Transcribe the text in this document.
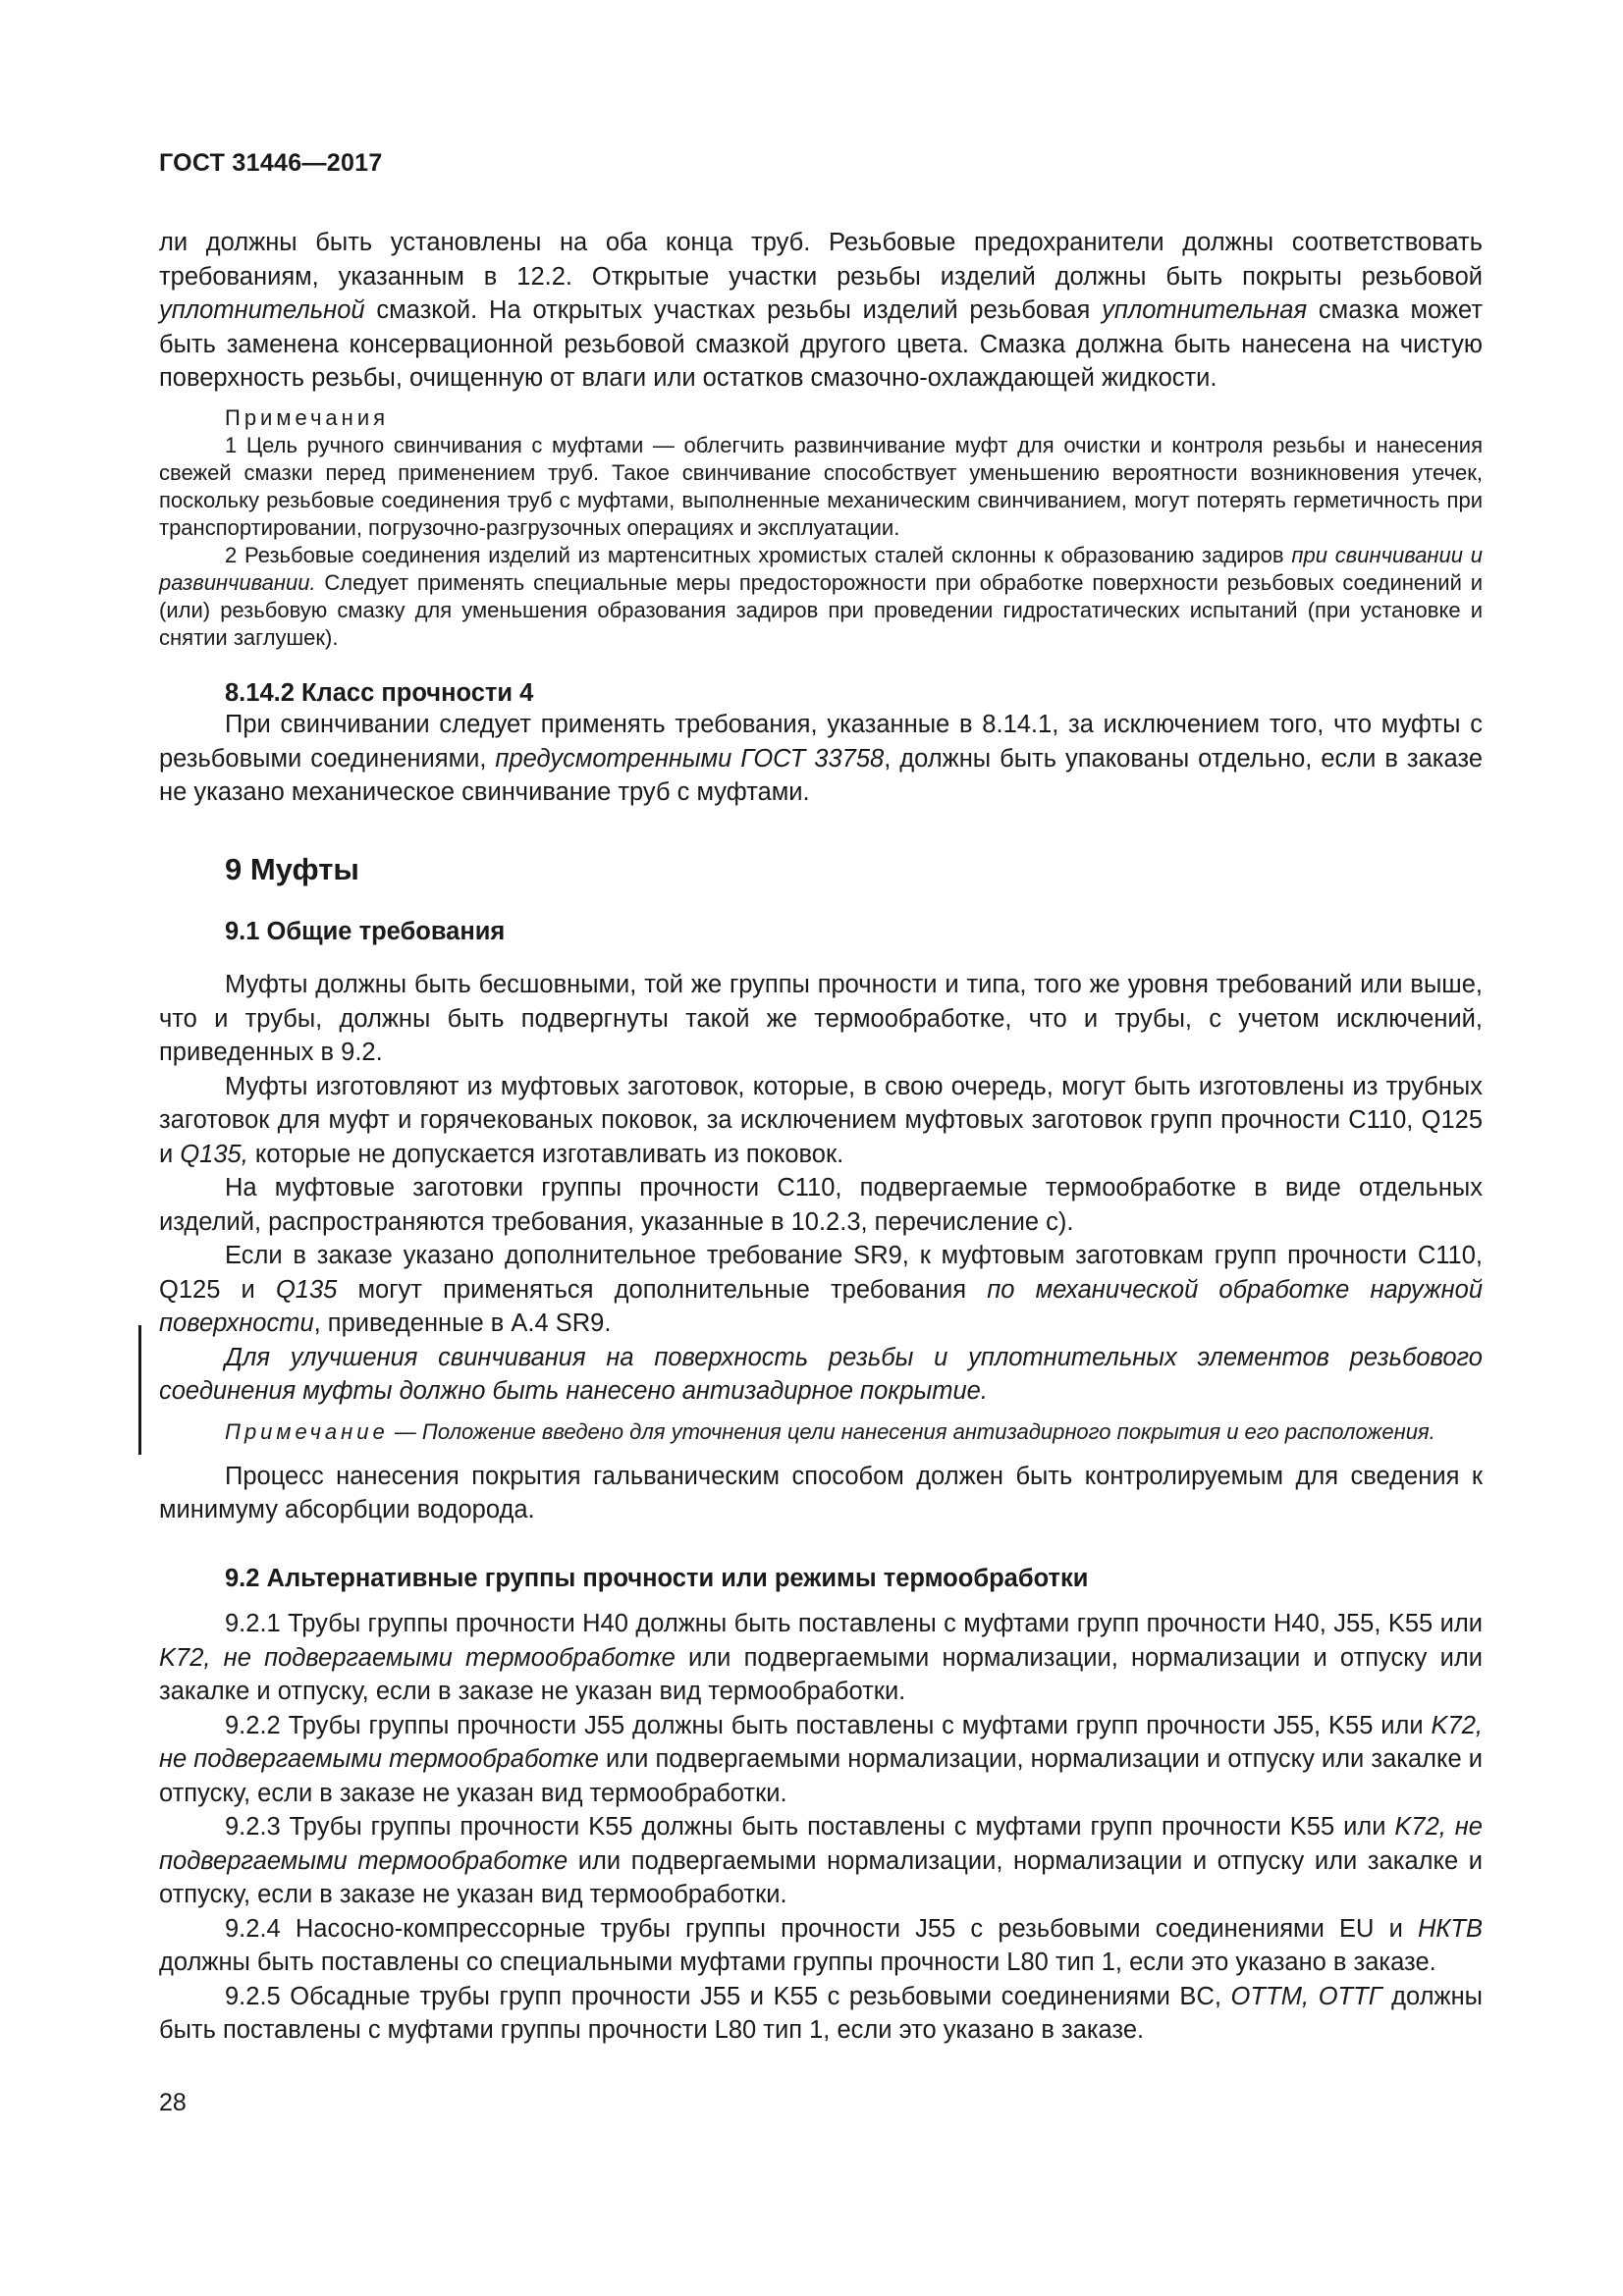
ГОСТ 31446—2017

ли должны быть установлены на оба конца труб. Резьбовые предохранители должны соответствовать требованиям, указанным в 12.2. Открытые участки резьбы изделий должны быть покрыты резьбовой уплотнительной смазкой. На открытых участках резьбы изделий резьбовая уплотнительная смазка может быть заменена консервационной резьбовой смазкой другого цвета. Смазка должна быть нанесена на чистую поверхность резьбы, очищенную от влаги или остатков смазочно-охлаждающей жидкости.

Примечания

1 Цель ручного свинчивания с муфтами — облегчить развинчивание муфт для очистки и контроля резьбы и нанесения свежей смазки перед применением труб. Такое свинчивание способствует уменьшению вероятности возникновения утечек, поскольку резьбовые соединения труб с муфтами, выполненные механическим свинчиванием, могут потерять герметичность при транспортировании, погрузочно-разгрузочных операциях и эксплуатации.

2 Резьбовые соединения изделий из мартенситных хромистых сталей склонны к образованию задиров при свинчивании и развинчивании. Следует применять специальные меры предосторожности при обработке поверхности резьбовых соединений и (или) резьбовую смазку для уменьшения образования задиров при проведении гидростатических испытаний (при установке и снятии заглушек).

8.14.2 Класс прочности 4

При свинчивании следует применять требования, указанные в 8.14.1, за исключением того, что муфты с резьбовыми соединениями, предусмотренными ГОСТ 33758, должны быть упакованы отдельно, если в заказе не указано механическое свинчивание труб с муфтами.

9 Муфты
9.1 Общие требования

Муфты должны быть бесшовными, той же группы прочности и типа, того же уровня требований или выше, что и трубы, должны быть подвергнуты такой же термообработке, что и трубы, с учетом исключений, приведенных в 9.2.

Муфты изготовляют из муфтовых заготовок, которые, в свою очередь, могут быть изготовлены из трубных заготовок для муфт и горячекованых поковок, за исключением муфтовых заготовок групп прочности С110, Q125 и Q135, которые не допускается изготавливать из поковок.

На муфтовые заготовки группы прочности С110, подвергаемые термообработке в виде отдельных изделий, распространяются требования, указанные в 10.2.3, перечисление с).

Если в заказе указано дополнительное требование SR9, к муфтовым заготовкам групп прочности С110, Q125 и Q135 могут применяться дополнительные требования по механической обработке наружной поверхности, приведенные в А.4 SR9.

Для улучшения свинчивания на поверхность резьбы и уплотнительных элементов резьбового соединения муфты должно быть нанесено антизадирное покрытие.

Примечание — Положение введено для уточнения цели нанесения антизадирного покрытия и его расположения.

Процесс нанесения покрытия гальваническим способом должен быть контролируемым для сведения к минимуму абсорбции водорода.

9.2 Альтернативные группы прочности или режимы термообработки

9.2.1 Трубы группы прочности Н40 должны быть поставлены с муфтами групп прочности Н40, J55, K55 или K72, не подвергаемыми термообработке или подвергаемыми нормализации, нормализации и отпуску или закалке и отпуску, если в заказе не указан вид термообработки.

9.2.2 Трубы группы прочности J55 должны быть поставлены с муфтами групп прочности J55, K55 или K72, не подвергаемыми термообработке или подвергаемыми нормализации, нормализации и отпуску или закалке и отпуску, если в заказе не указан вид термообработки.

9.2.3 Трубы группы прочности K55 должны быть поставлены с муфтами групп прочности K55 или K72, не подвергаемыми термообработке или подвергаемыми нормализации, нормализации и отпуску или закалке и отпуску, если в заказе не указан вид термообработки.

9.2.4 Насосно-компрессорные трубы группы прочности J55 с резьбовыми соединениями EU и НКТВ должны быть поставлены со специальными муфтами группы прочности L80 тип 1, если это указано в заказе.

9.2.5 Обсадные трубы групп прочности J55 и K55 с резьбовыми соединениями BC, ОТТМ, ОТТГ должны быть поставлены с муфтами группы прочности L80 тип 1, если это указано в заказе.

28
